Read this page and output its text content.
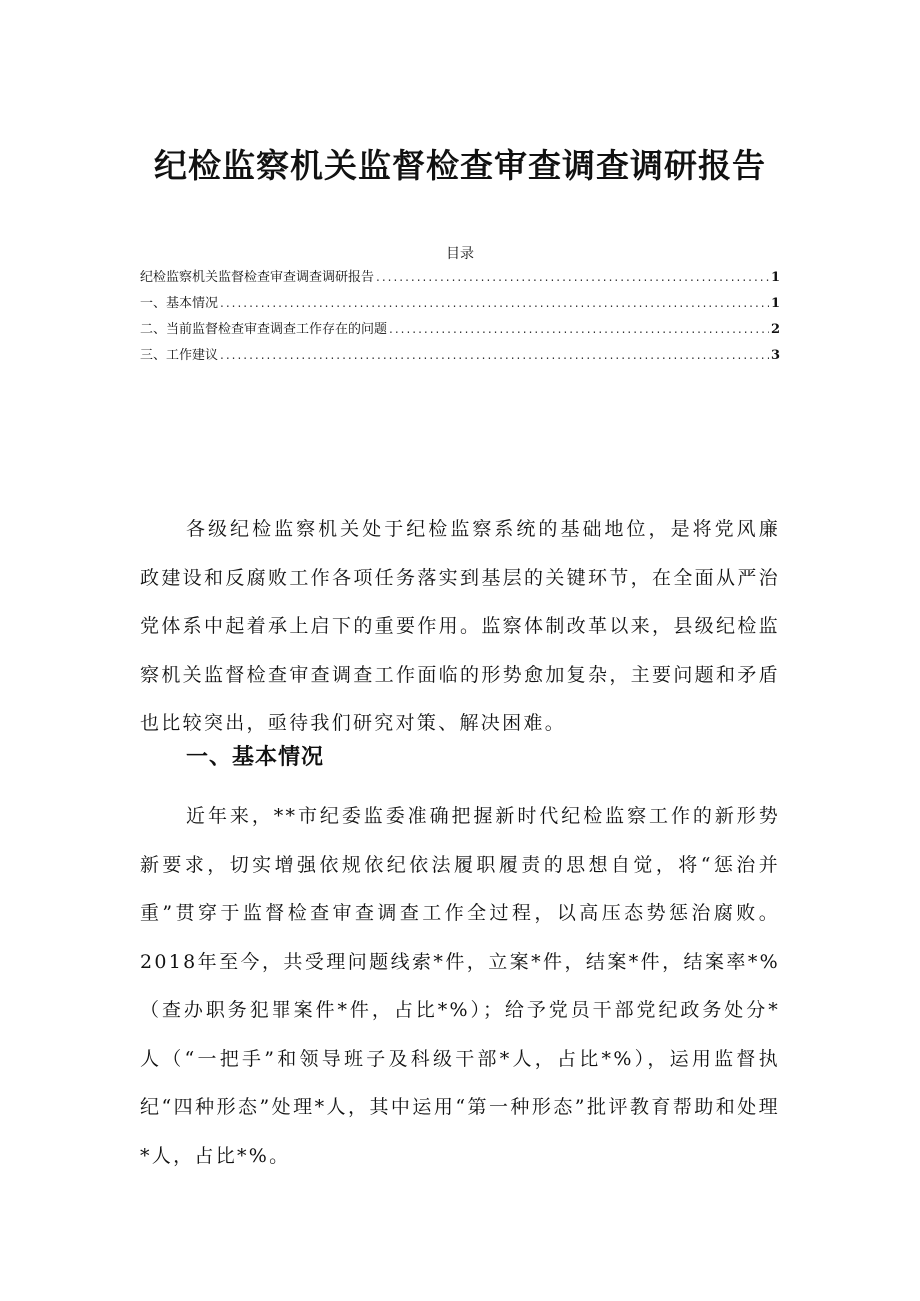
纪检监察机关监督检查审查调查调研报告
目录
纪检监察机关监督检查审查调查调研报告 .....	1
一、基本情况 .....	1
二、当前监督检查审查调查工作存在的问题 .....	2
三、工作建议 .....	3

各级纪检监察机关处于纪检监察系统的基础地位，是将党风廉政建设和反腐败工作各项任务落实到基层的关键环节，在全面从严治党体系中起着承上启下的重要作用。监察体制改革以来，县级纪检监察机关监督检查审查调查工作面临的形势愈加复杂，主要问题和矛盾也比较突出，亟待我们研究对策、解决困难。

一、基本情况

近年来，**市纪委监委准确把握新时代纪检监察工作的新形势新要求，切实增强依规依纪依法履职履责的思想自觉，将“惩治并重”贯穿于监督检查审查调查工作全过程，以高压态势惩治腐败。2018年至今，共受理问题线索*件，立案*件，结案*件，结案率*%（查办职务犯罪案件*件，占比*%）；给予党员干部党纪政务处分*人（“一把手”和领导班子及科级干部*人，占比*%），运用监督执纪“四种形态”处理*人，其中运用“第一种形态”批评教育帮助和处理*人，占比*%。
